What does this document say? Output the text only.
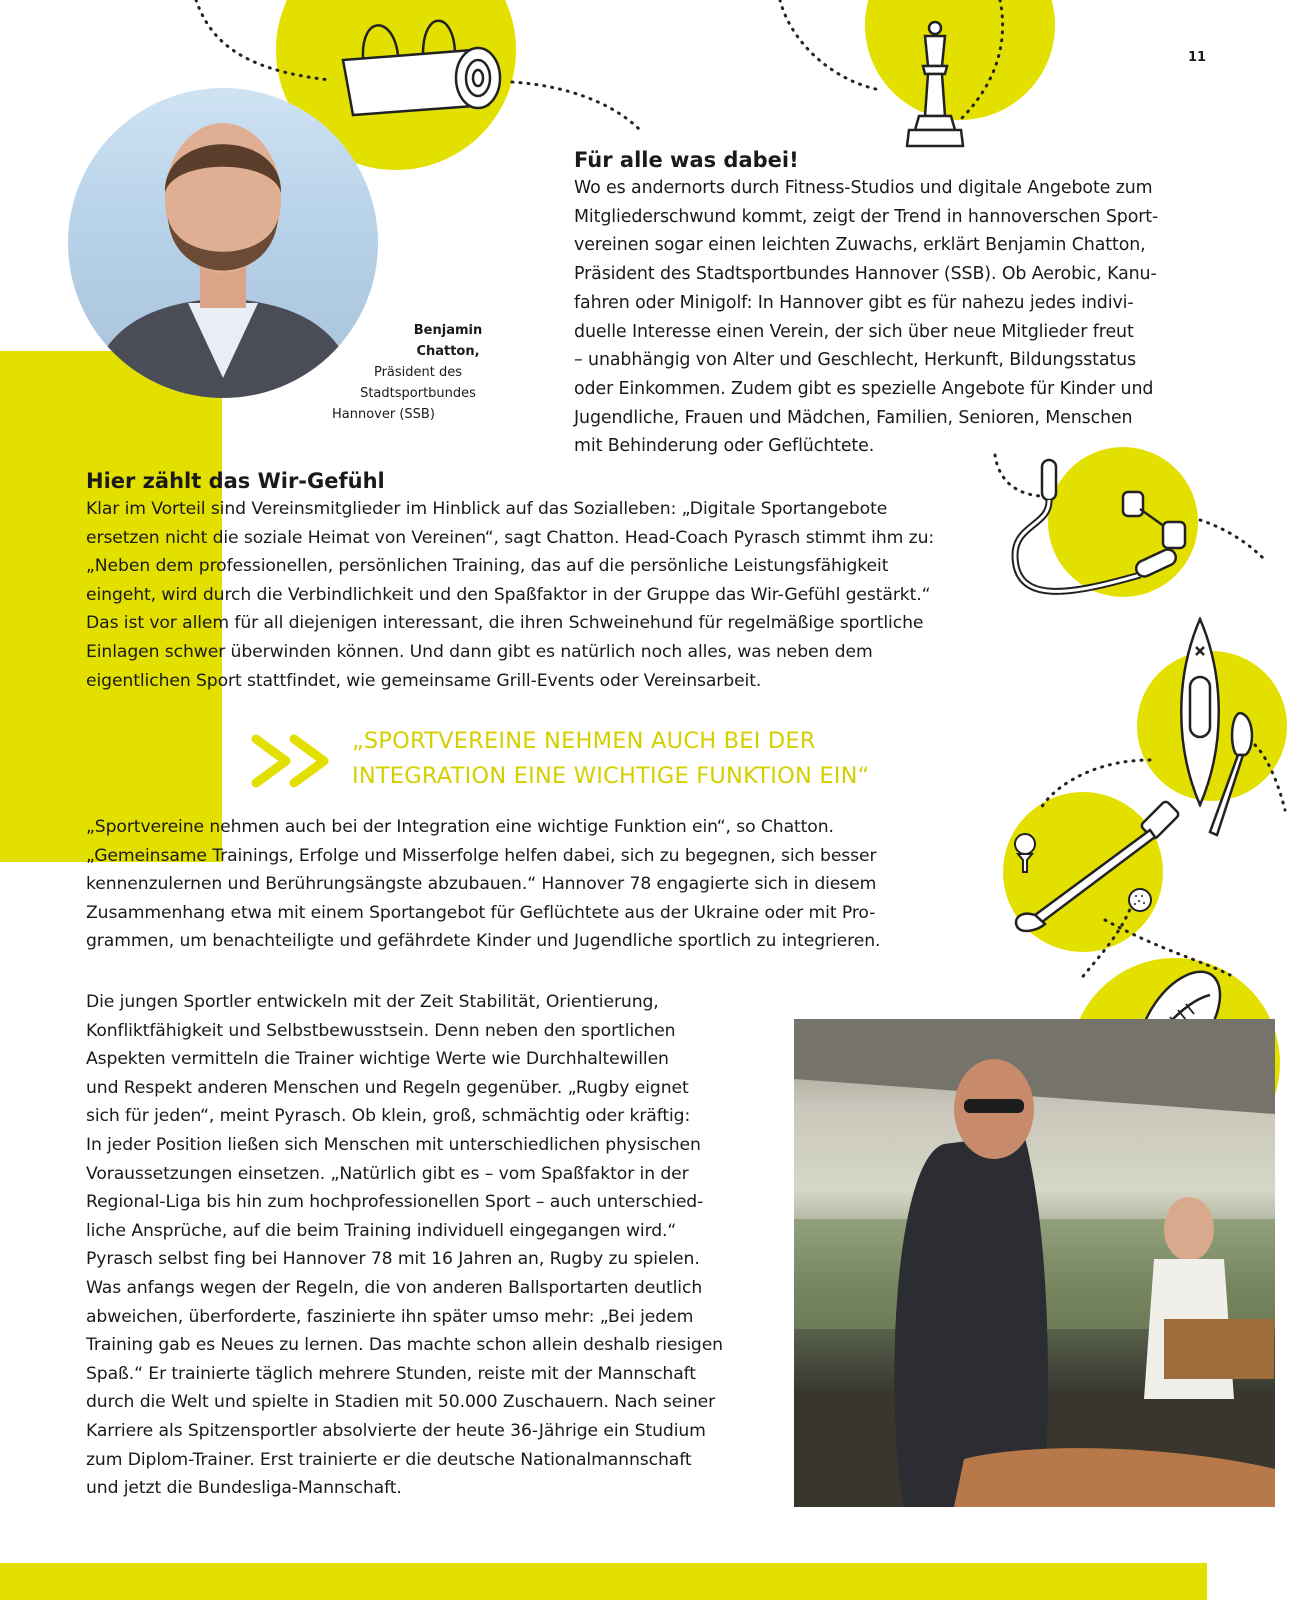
11
Benjamin Chatton,
Präsident des
Stadtsportbundes
Hannover (SSB)
Für alle was dabei!

Wo es andernorts durch Fitness-Studios und digitale Angebote zum

Mitgliederschwund kommt, zeigt der Trend in hannoverschen Sport-

vereinen sogar einen leichten Zuwachs, erklärt Benjamin Chatton,

Präsident des Stadtsportbundes Hannover (SSB). Ob Aerobic, Kanu-

fahren oder Minigolf: In Hannover gibt es für nahezu jedes indivi-

duelle Interesse einen Verein, der sich über neue Mitglieder freut

– unabhängig von Alter und Geschlecht, Herkunft, Bildungsstatus

oder Einkommen. Zudem gibt es spezielle Angebote für Kinder und

Jugendliche, Frauen und Mädchen, Familien, Senioren, Menschen

mit Behinderung oder Geflüchtete.

Hier zählt das Wir-Gefühl

Klar im Vorteil sind Vereinsmitglieder im Hinblick auf das Sozialleben: „Digitale Sportangebote

ersetzen nicht die soziale Heimat von Vereinen“, sagt Chatton. Head-Coach Pyrasch stimmt ihm zu:

„Neben dem professionellen, persönlichen Training, das auf die persönliche Leistungsfähigkeit

eingeht, wird durch die Verbindlichkeit und den Spaßfaktor in der Gruppe das Wir-Gefühl gestärkt.“

Das ist vor allem für all diejenigen interessant, die ihren Schweinehund für regelmäßige sportliche

Einlagen schwer überwinden können. Und dann gibt es natürlich noch alles, was neben dem

eigentlichen Sport stattfindet, wie gemeinsame Grill-Events oder Vereinsarbeit.

„SPORTVEREINE NEHMEN AUCH BEI DER
INTEGRATION EINE WICHTIGE FUNKTION EIN“

„Sportvereine nehmen auch bei der Integration eine wichtige Funktion ein“, so Chatton.

„Gemeinsame Trainings, Erfolge und Misserfolge helfen dabei, sich zu begegnen, sich besser

kennenzulernen und Berührungsängste abzubauen.“ Hannover 78 engagierte sich in diesem

Zusammenhang etwa mit einem Sportangebot für Geflüchtete aus der Ukraine oder mit Pro-

grammen, um benachteiligte und gefährdete Kinder und Jugendliche sportlich zu integrieren.

Die jungen Sportler entwickeln mit der Zeit Stabilität, Orientierung,

Konfliktfähigkeit und Selbstbewusstsein. Denn neben den sportlichen

Aspekten vermitteln die Trainer wichtige Werte wie Durchhaltewillen

und Respekt anderen Menschen und Regeln gegenüber. „Rugby eignet

sich für jeden“, meint Pyrasch. Ob klein, groß, schmächtig oder kräftig:

In jeder Position ließen sich Menschen mit unterschiedlichen physischen

Voraussetzungen einsetzen. „Natürlich gibt es – vom Spaßfaktor in der

Regional-Liga bis hin zum hochprofessionellen Sport – auch unterschied-

liche Ansprüche, auf die beim Training individuell eingegangen wird.“

Pyrasch selbst fing bei Hannover 78 mit 16 Jahren an, Rugby zu spielen.

Was anfangs wegen der Regeln, die von anderen Ballsportarten deutlich

abweichen, überforderte, faszinierte ihn später umso mehr: „Bei jedem

Training gab es Neues zu lernen. Das machte schon allein deshalb riesigen

Spaß.“ Er trainierte täglich mehrere Stunden, reiste mit der Mannschaft

durch die Welt und spielte in Stadien mit 50.000 Zuschauern. Nach seiner

Karriere als Spitzensportler absolvierte der heute 36-Jährige ein Studium

zum Diplom-Trainer. Erst trainierte er die deutsche Nationalmannschaft

und jetzt die Bundesliga-Mannschaft.
